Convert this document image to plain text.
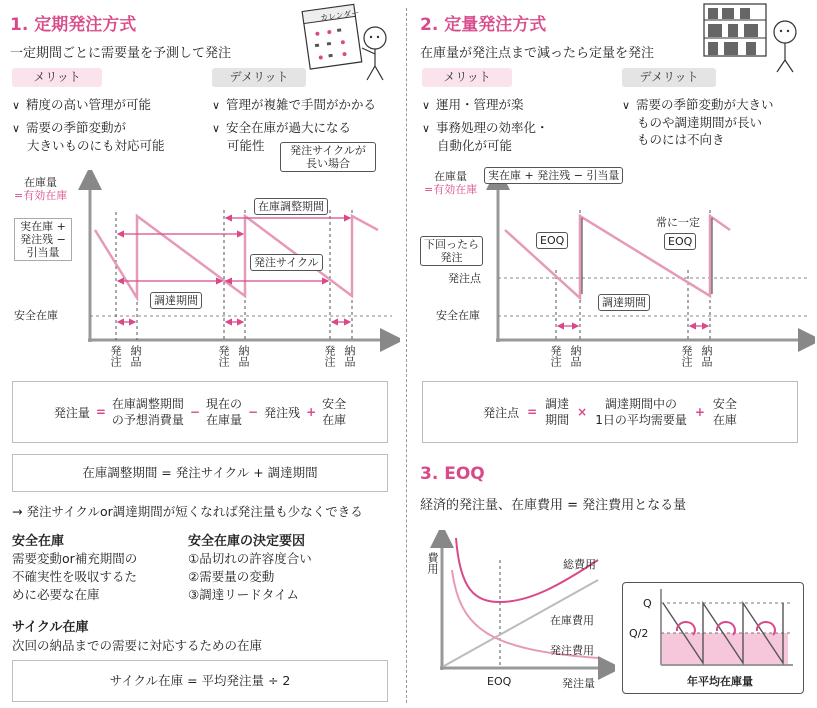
1. 定期発注方式
一定期間ごとに需要量を予測して発注
カレンダー
メリット	デメリット
∨ 精度の高い管理が可能
∨ 需要の季節変動が
大きいものにも対応可能
∨ 管理が複雑で手間がかかる
∨ 安全在庫が過大になる
可能性	発注サイクルが
長い場合
在庫量
=有効在庫
実在庫 +
発注残 −
引当量
安全在庫
在庫調整期間
発注サイクル
調達期間
発注 納品	発注 納品	発注 納品
発注量 =
在庫調整期間
の予想消費量
−
現在の
在庫量
− 発注残 +
安全
在庫
在庫調整期間 = 発注サイクル + 調達期間
→ 発注サイクルor調達期間が短くなれば発注量も少なくできる
安全在庫
需要変動or補充期間の
不確実性を吸収するた
めに必要な在庫
安全在庫の決定要因
①品切れの許容度合い
②需要量の変動
③調達リードタイム
サイクル在庫
次回の納品までの需要に対応するための在庫
サイクル在庫 = 平均発注量 ÷ 2
2. 定量発注方式
在庫量が発注点まで減ったら定量を発注
メリット	デメリット
∨ 運用・管理が楽
∨ 事務処理の効率化・
自動化が可能
∨ 需要の季節変動が大きい
ものや調達期間が長い
ものには不向き
在庫量
=有効在庫
実在庫 + 発注残 − 引当量
下回ったら
発注
EOQ
常に一定
EOQ
発注点
安全在庫
調達期間
発注 納品	発注 納品
発注点 =
調達
期間
×
調達期間中の
1日の平均需要量
+
安全
在庫
3. EOQ
経済的発注量、在庫費用 = 発注費用となる量
費用	総費用
在庫費用
発注費用
EOQ	発注量
Q
Q/2
年平均在庫量
